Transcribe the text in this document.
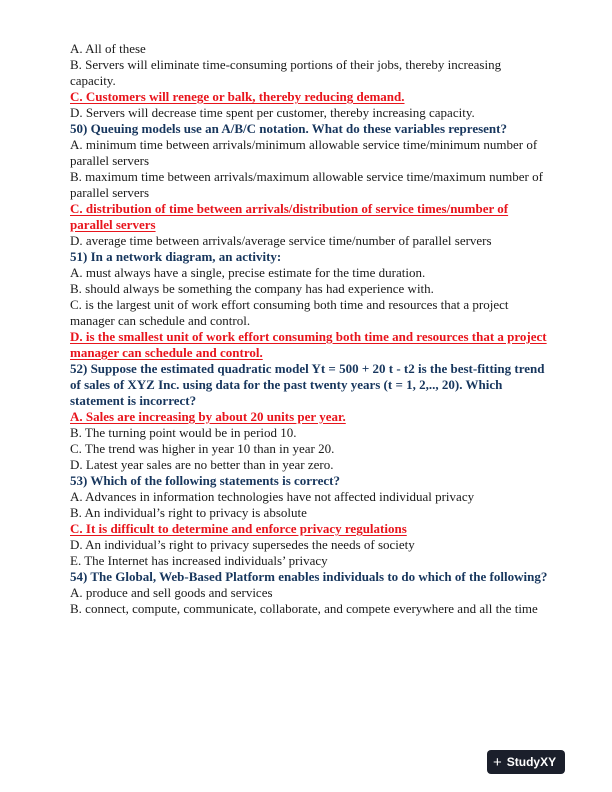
A. All of these

B. Servers will eliminate time-consuming portions of their jobs, thereby increasing capacity.

C. Customers will renege or balk, thereby reducing demand.

D. Servers will decrease time spent per customer, thereby increasing capacity.

50) Queuing models use an A/B/C notation. What do these variables represent?

A. minimum time between arrivals/minimum allowable service time/minimum number of parallel servers

B. maximum time between arrivals/maximum allowable service time/maximum number of parallel servers

C. distribution of time between arrivals/distribution of service times/number of parallel servers

D. average time between arrivals/average service time/number of parallel servers

51) In a network diagram, an activity:

A. must always have a single, precise estimate for the time duration.

B. should always be something the company has had experience with.

C. is the largest unit of work effort consuming both time and resources that a project manager can schedule and control.

D. is the smallest unit of work effort consuming both time and resources that a project manager can schedule and control.

52) Suppose the estimated quadratic model Yt = 500 + 20 t - t2 is the best-fitting trend of sales of XYZ Inc. using data for the past twenty years (t = 1, 2,.., 20). Which statement is incorrect?

A. Sales are increasing by about 20 units per year.

B. The turning point would be in period 10.

C. The trend was higher in year 10 than in year 20.

D. Latest year sales are no better than in year zero.

53) Which of the following statements is correct?

A. Advances in information technologies have not affected individual privacy

B. An individual’s right to privacy is absolute

C. It is difficult to determine and enforce privacy regulations

D. An individual’s right to privacy supersedes the needs of society

E. The Internet has increased individuals’ privacy

54) The Global, Web-Based Platform enables individuals to do which of the following?

A. produce and sell goods and services

B. connect, compute, communicate, collaborate, and compete everywhere and all the time

+ StudyXY
